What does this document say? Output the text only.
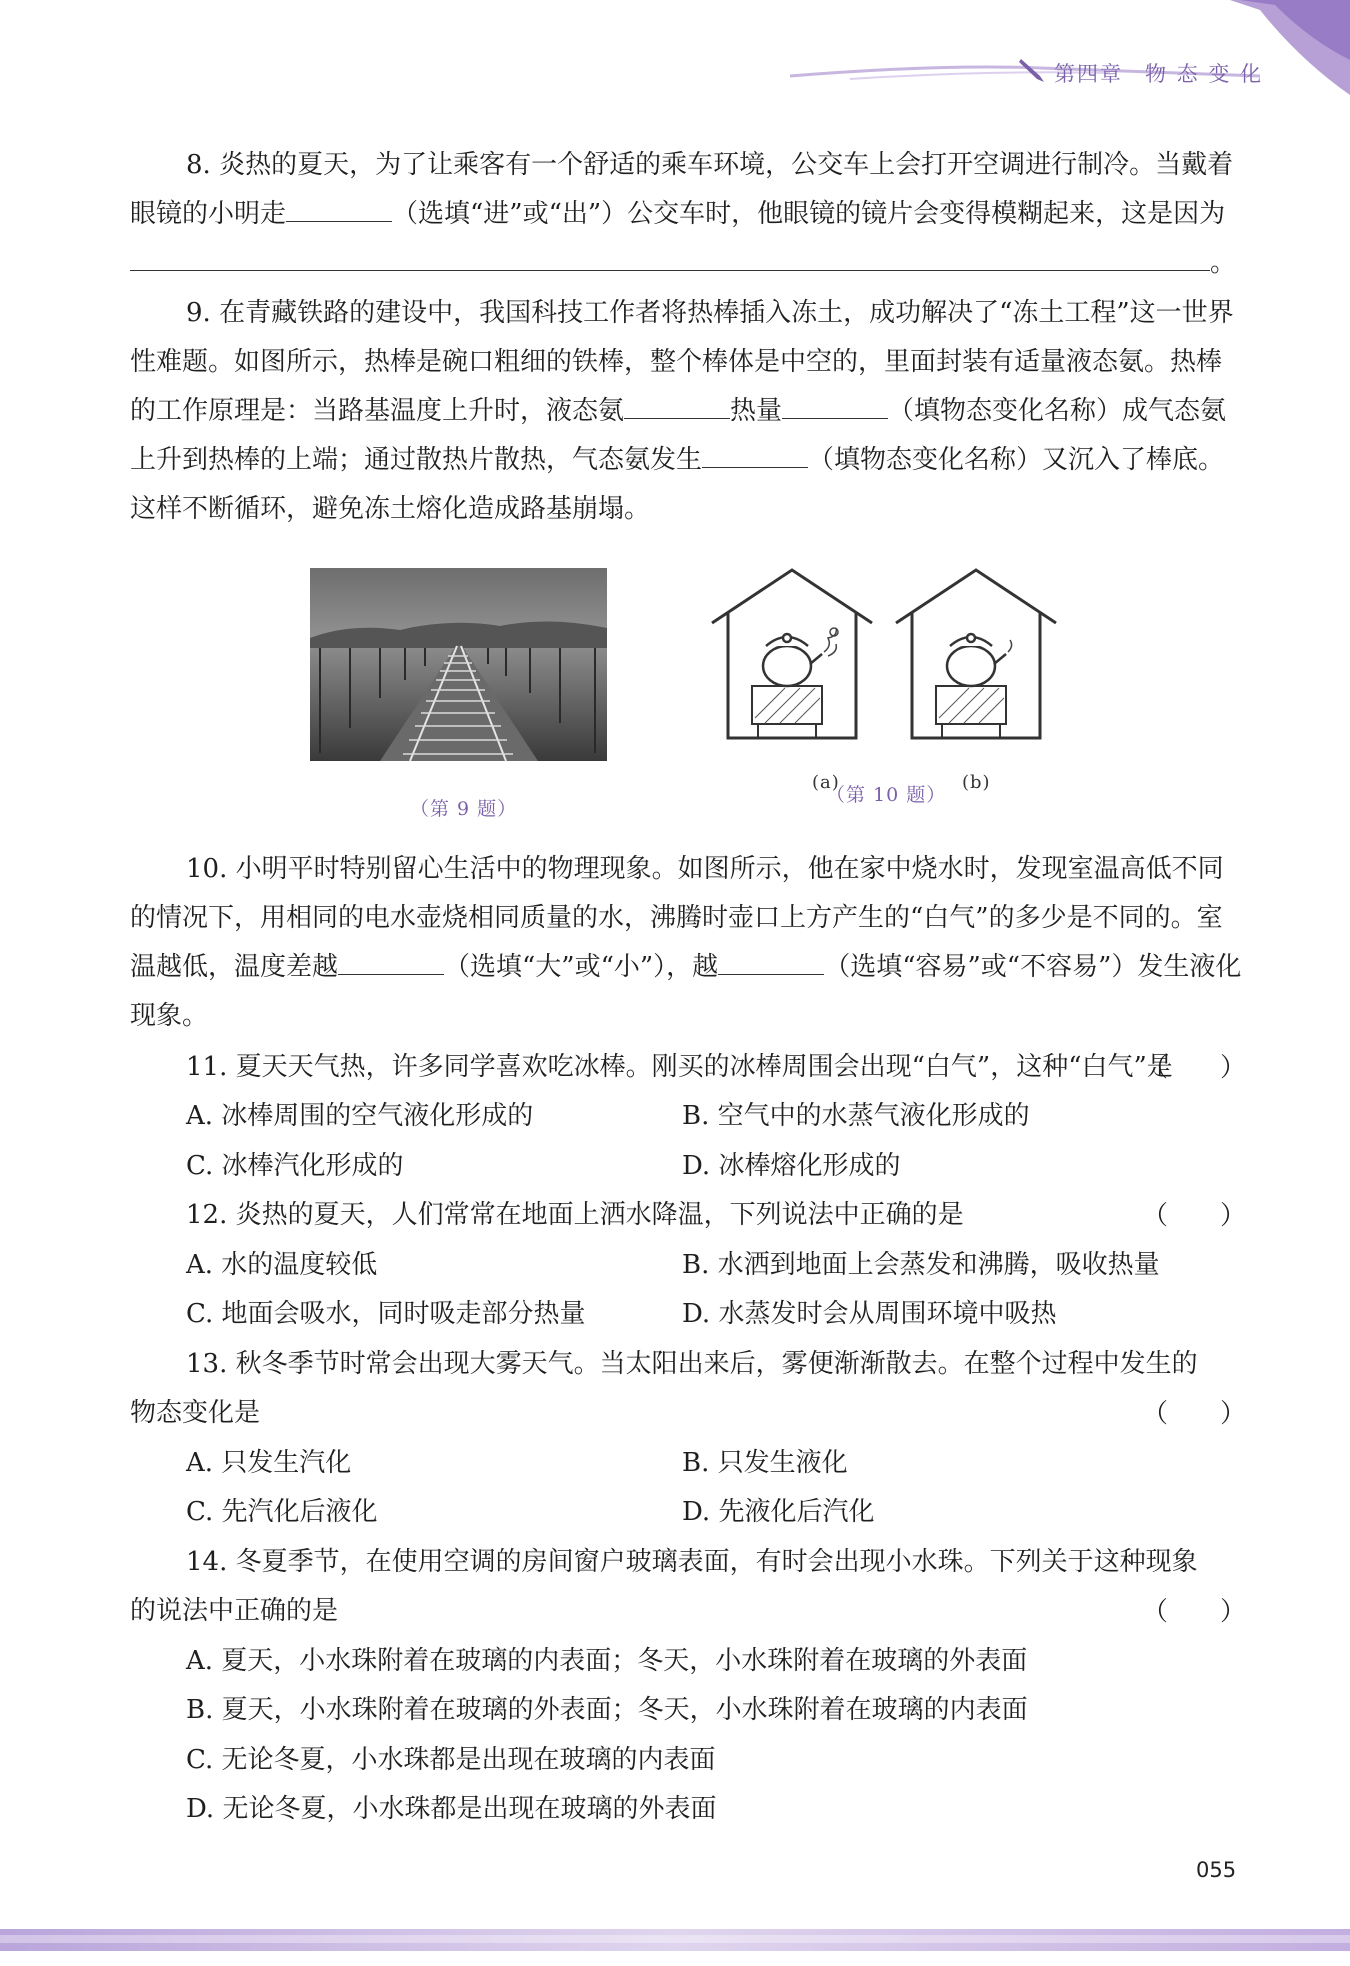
第四章 物 态 变 化
8. 炎热的夏天，为了让乘客有一个舒适的乘车环境，公交车上会打开空调进行制冷。当戴着眼镜的小明走	（选填“进”或“出”）公交车时，他眼镜的镜片会变得模糊起来，这是因为。
9. 在青藏铁路的建设中，我国科技工作者将热棒插入冻土，成功解决了“冻土工程”这一世界性难题。如图所示，热棒是碗口粗细的铁棒，整个棒体是中空的，里面封装有适量液态氨。热棒的工作原理是：当路基温度上升时，液态氨	热量	（填物态变化名称）成气态氨上升到热棒的上端；通过散热片散热，气态氨发生	（填物态变化名称）又沉入了棒底。这样不断循环，避免冻土熔化造成路基崩塌。
（第 9 题）
(a)	(b)
（第 10 题）
10. 小明平时特别留心生活中的物理现象。如图所示，他在家中烧水时，发现室温高低不同的情况下，用相同的电水壶烧相同质量的水，沸腾时壶口上方产生的“白气”的多少是不同的。室温越低，温度差越	（选填“大”或“小”），越	（选填“容易”或“不容易”）发生液化现象。
11. 夏天天气热，许多同学喜欢吃冰棒。刚买的冰棒周围会出现“白气”，这种“白气”是
（　　）
A. 冰棒周围的空气液化形成的	B. 空气中的水蒸气液化形成的
C. 冰棒汽化形成的	D. 冰棒熔化形成的
12. 炎热的夏天，人们常常在地面上洒水降温，下列说法中正确的是	（　　）
A. 水的温度较低	B. 水洒到地面上会蒸发和沸腾，吸收热量
C. 地面会吸水，同时吸走部分热量	D. 水蒸发时会从周围环境中吸热
13. 秋冬季节时常会出现大雾天气。当太阳出来后，雾便渐渐散去。在整个过程中发生的
物态变化是	（　　）
A. 只发生汽化	B. 只发生液化
C. 先汽化后液化	D. 先液化后汽化
14. 冬夏季节，在使用空调的房间窗户玻璃表面，有时会出现小水珠。下列关于这种现象
的说法中正确的是	（　　）
A. 夏天，小水珠附着在玻璃的内表面；冬天，小水珠附着在玻璃的外表面
B. 夏天，小水珠附着在玻璃的外表面；冬天，小水珠附着在玻璃的内表面
C. 无论冬夏，小水珠都是出现在玻璃的内表面
D. 无论冬夏，小水珠都是出现在玻璃的外表面
055
